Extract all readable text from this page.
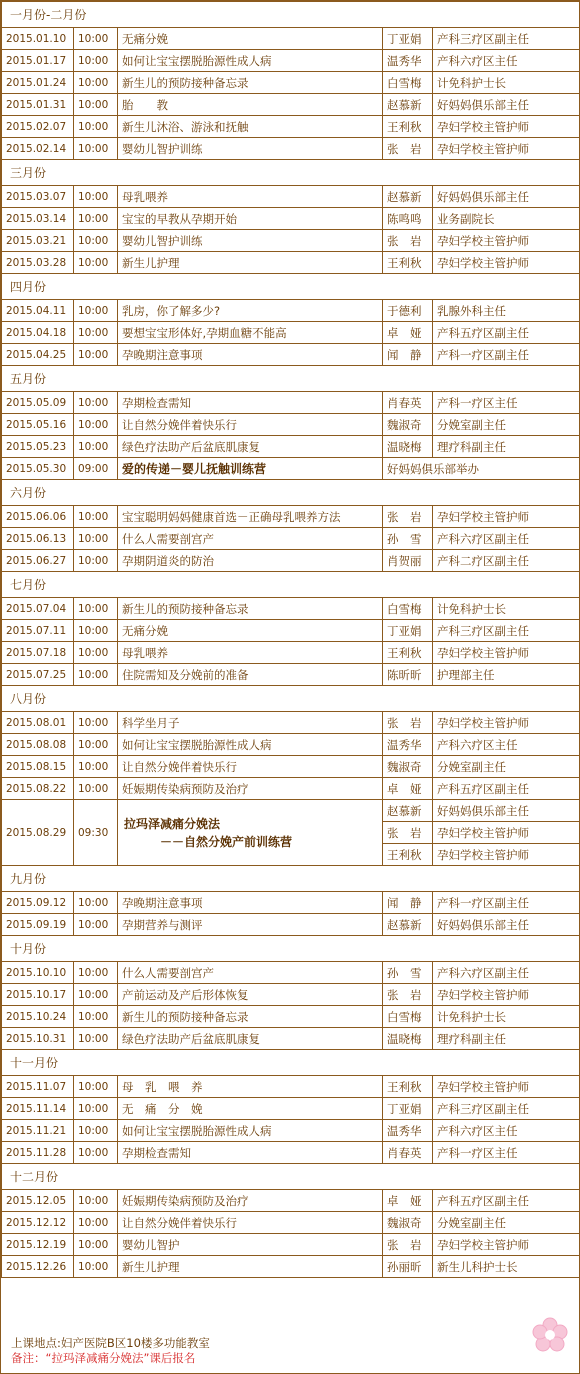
一月份-二月份				
2015.01.10	10:00	无痛分娩	丁亚娟	产科三疗区副主任
2015.01.17	10:00	如何让宝宝摆脱胎源性成人病	温秀华	产科六疗区主任
2015.01.24	10:00	新生儿的预防接种备忘录	白雪梅	计免科护士长
2015.01.31	10:00	胎　　教	赵慕新	好妈妈俱乐部主任
2015.02.07	10:00	新生儿沐浴、游泳和抚触	王利秋	孕妇学校主管护师
2015.02.14	10:00	婴幼儿智护训练	张　岩	孕妇学校主管护师
三月份				
2015.03.07	10:00	母乳喂养	赵慕新	好妈妈俱乐部主任
2015.03.14	10:00	宝宝的早教从孕期开始	陈鸣鸣	业务副院长
2015.03.21	10:00	婴幼儿智护训练	张　岩	孕妇学校主管护师
2015.03.28	10:00	新生儿护理	王利秋	孕妇学校主管护师
四月份				
2015.04.11	10:00	乳房，你了解多少?	于德利	乳腺外科主任
2015.04.18	10:00	要想宝宝形体好,孕期血糖不能高	卓　娅	产科五疗区副主任
2015.04.25	10:00	孕晚期注意事项	闻　静	产科一疗区副主任
五月份				
2015.05.09	10:00	孕期检查需知	肖春英	产科一疗区主任
2015.05.16	10:00	让自然分娩伴着快乐行	魏淑奇	分娩室副主任
2015.05.23	10:00	绿色疗法助产后盆底肌康复	温晓梅	理疗科副主任
2015.05.30	09:00	爱的传递－婴儿抚触训练营	好妈妈俱乐部举办	
六月份				
2015.06.06	10:00	宝宝聪明妈妈健康首选－正确母乳喂养方法	张　岩	孕妇学校主管护师
2015.06.13	10:00	什么人需要剖宫产	孙　雪	产科六疗区副主任
2015.06.27	10:00	孕期阴道炎的防治	肖贺丽	产科二疗区副主任
七月份				
2015.07.04	10:00	新生儿的预防接种备忘录	白雪梅	计免科护士长
2015.07.11	10:00	无痛分娩	丁亚娟	产科三疗区副主任
2015.07.18	10:00	母乳喂养	王利秋	孕妇学校主管护师
2015.07.25	10:00	住院需知及分娩前的准备	陈昕昕	护理部主任
八月份				
2015.08.01	10:00	科学坐月子	张　岩	孕妇学校主管护师
2015.08.08	10:00	如何让宝宝摆脱胎源性成人病	温秀华	产科六疗区主任
2015.08.15	10:00	让自然分娩伴着快乐行	魏淑奇	分娩室副主任
2015.08.22	10:00	妊娠期传染病预防及治疗	卓　娅	产科五疗区副主任
2015.08.29	09:30	拉玛泽减痛分娩法
－－自然分娩产前训练营	赵慕新	好妈妈俱乐部主任
			张　岩	孕妇学校主管护师
			王利秋	孕妇学校主管护师
九月份				
2015.09.12	10:00	孕晚期注意事项	闻　静	产科一疗区副主任
2015.09.19	10:00	孕期营养与测评	赵慕新	好妈妈俱乐部主任
十月份				
2015.10.10	10:00	什么人需要剖宫产	孙　雪	产科六疗区副主任
2015.10.17	10:00	产前运动及产后形体恢复	张　岩	孕妇学校主管护师
2015.10.24	10:00	新生儿的预防接种备忘录	白雪梅	计免科护士长
2015.10.31	10:00	绿色疗法助产后盆底肌康复	温晓梅	理疗科副主任
十一月份				
2015.11.07	10:00	母　乳　喂　养	王利秋	孕妇学校主管护师
2015.11.14	10:00	无　痛　分　娩	丁亚娟	产科三疗区副主任
2015.11.21	10:00	如何让宝宝摆脱胎源性成人病	温秀华	产科六疗区主任
2015.11.28	10:00	孕期检查需知	肖春英	产科一疗区主任
十二月份				
2015.12.05	10:00	妊娠期传染病预防及治疗	卓　娅	产科五疗区副主任
2015.12.12	10:00	让自然分娩伴着快乐行	魏淑奇	分娩室副主任
2015.12.19	10:00	婴幼儿智护	张　岩	孕妇学校主管护师
2015.12.26	10:00	新生儿护理	孙丽昕	新生儿科护士长
上课地点:妇产医院B区10楼多功能教室
备注：“拉玛泽减痛分娩法”课后报名
